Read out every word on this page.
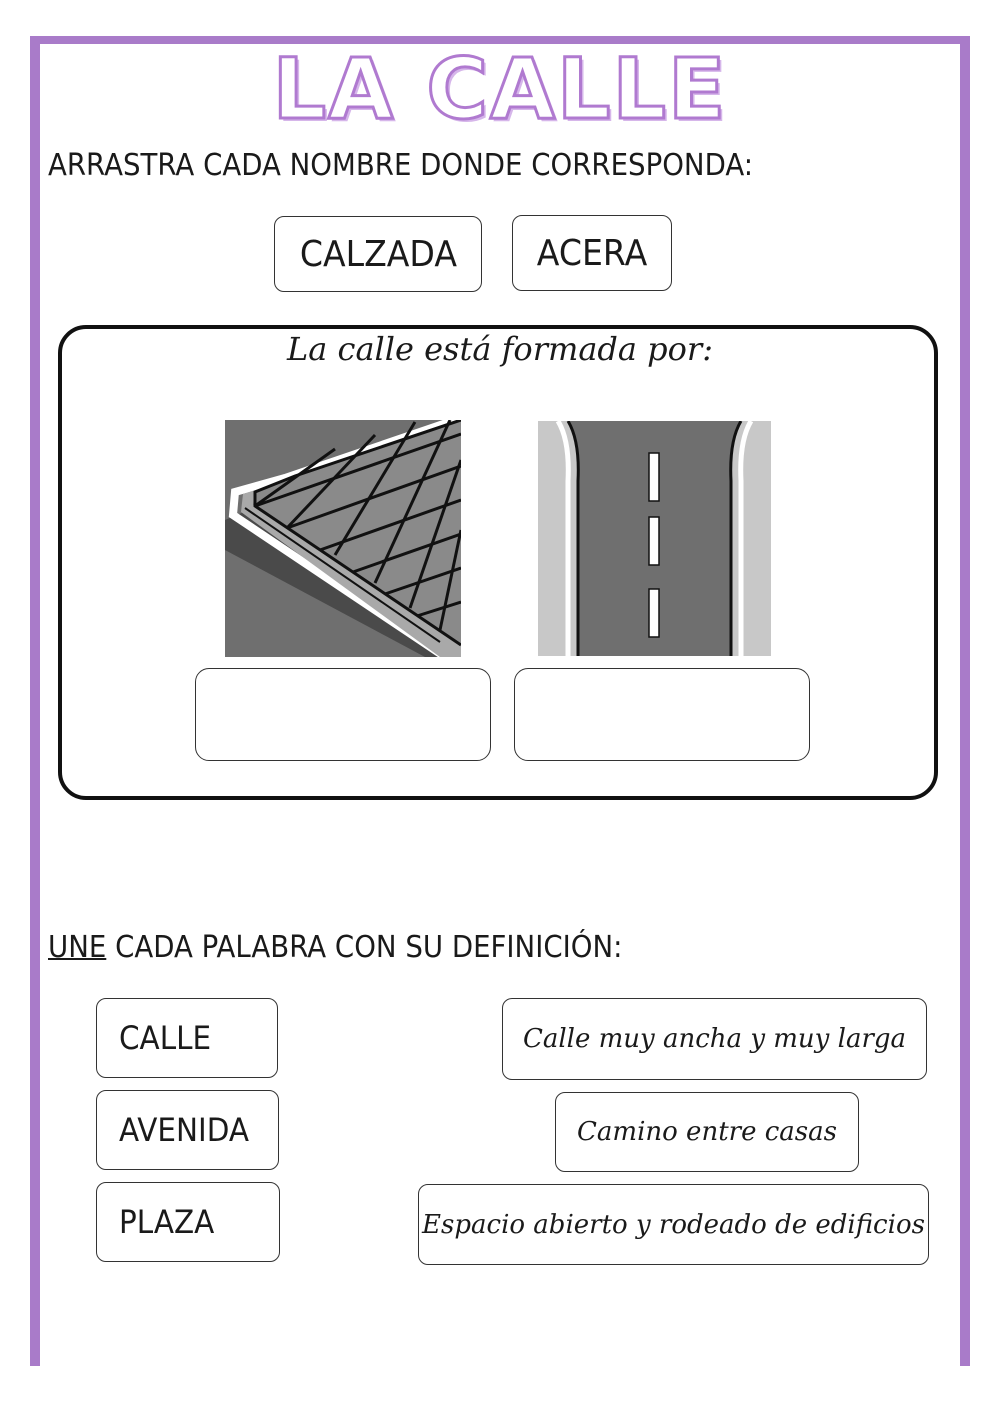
LA CALLE
ARRASTRA CADA NOMBRE DONDE CORRESPONDA:
CALZADA ACERA
La calle está formada por:
UNE CADA PALABRA CON SU DEFINICIÓN:
CALLE
AVENIDA
PLAZA
Calle muy ancha y muy larga
Camino entre casas
Espacio abierto y rodeado de edificios
